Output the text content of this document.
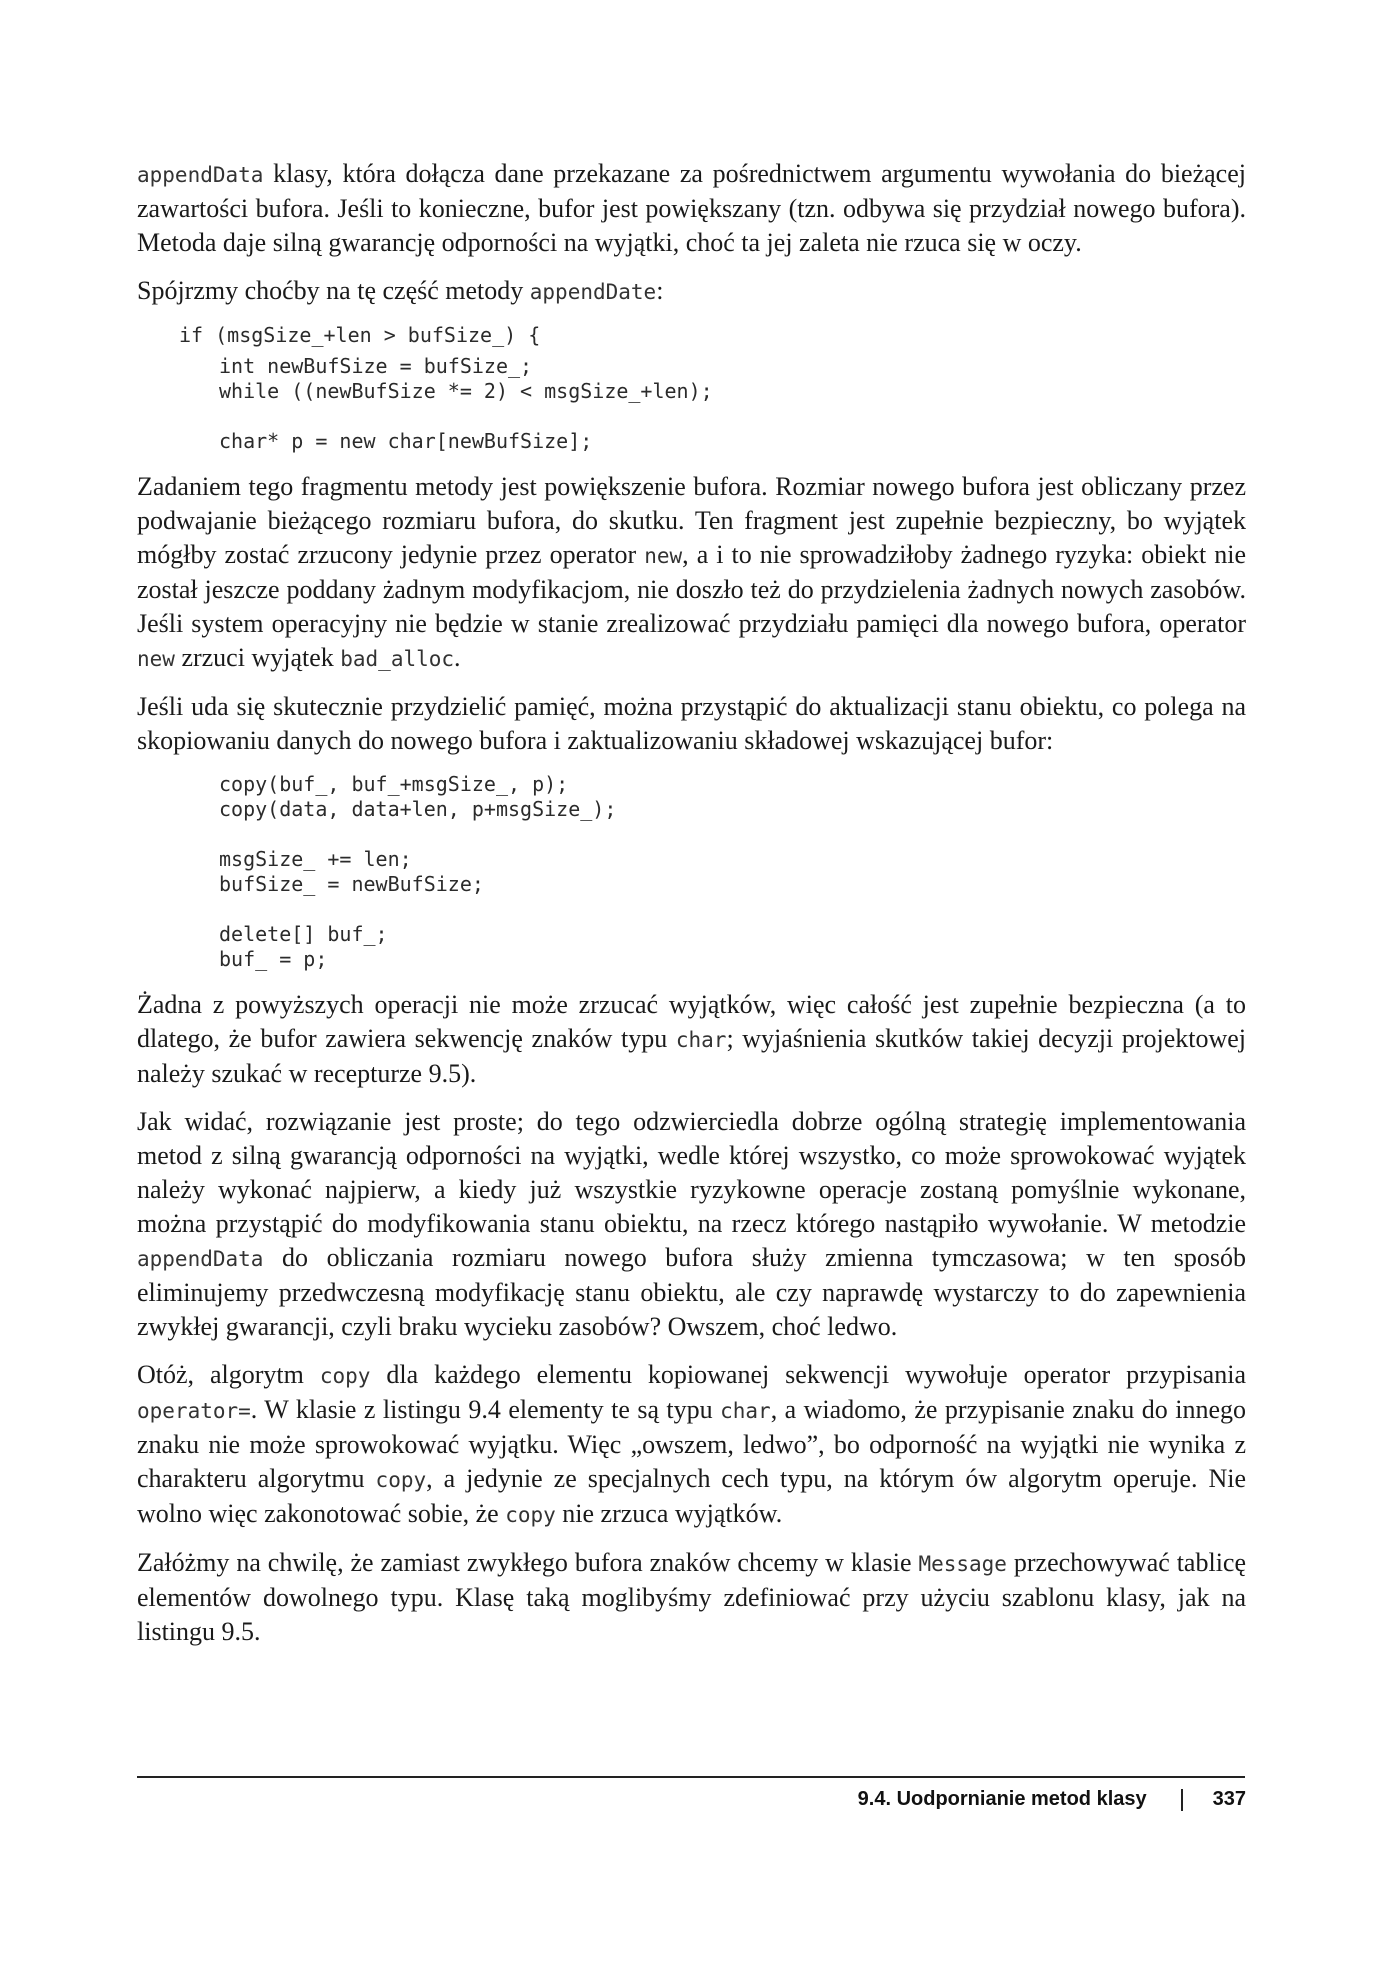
appendData klasy, która dołącza dane przekazane za pośrednictwem argumentu wywołania do bieżącej zawartości bufora. Jeśli to konieczne, bufor jest powiększany (tzn. odbywa się przydział nowego bufora). Metoda daje silną gwarancję odporności na wyjątki, choć ta jej zaleta nie rzuca się w oczy.

Spójrzmy choćby na tę część metody appendDate:

if (msgSize_+len > bufSize_) {
int newBufSize = bufSize_;
while ((newBufSize *= 2) < msgSize_+len);

char* p = new char[newBufSize];

Zadaniem tego fragmentu metody jest powiększenie bufora. Rozmiar nowego bufora jest obliczany przez podwajanie bieżącego rozmiaru bufora, do skutku. Ten fragment jest zupełnie bezpieczny, bo wyjątek mógłby zostać zrzucony jedynie przez operator new, a i to nie sprowadziłoby żadnego ryzyka: obiekt nie został jeszcze poddany żadnym modyfikacjom, nie doszło też do przydzielenia żadnych nowych zasobów. Jeśli system operacyjny nie będzie w stanie zrealizować przydziału pamięci dla nowego bufora, operator new zrzuci wyjątek bad_alloc.

Jeśli uda się skutecznie przydzielić pamięć, można przystąpić do aktualizacji stanu obiektu, co polega na skopiowaniu danych do nowego bufora i zaktualizowaniu składowej wskazującej bufor:

copy(buf_, buf_+msgSize_, p);
copy(data, data+len, p+msgSize_);

msgSize_ += len;
bufSize_ = newBufSize;

delete[] buf_;
buf_ = p;

Żadna z powyższych operacji nie może zrzucać wyjątków, więc całość jest zupełnie bezpieczna (a to dlatego, że bufor zawiera sekwencję znaków typu char; wyjaśnienia skutków takiej decyzji projektowej należy szukać w recepturze 9.5).

Jak widać, rozwiązanie jest proste; do tego odzwierciedla dobrze ogólną strategię implementowania metod z silną gwarancją odporności na wyjątki, wedle której wszystko, co może sprowokować wyjątek należy wykonać najpierw, a kiedy już wszystkie ryzykowne operacje zostaną pomyślnie wykonane, można przystąpić do modyfikowania stanu obiektu, na rzecz którego nastąpiło wywołanie. W metodzie appendData do obliczania rozmiaru nowego bufora służy zmienna tymczasowa; w ten sposób eliminujemy przedwczesną modyfikację stanu obiektu, ale czy naprawdę wystarczy to do zapewnienia zwykłej gwarancji, czyli braku wycieku zasobów? Owszem, choć ledwo.

Otóż, algorytm copy dla każdego elementu kopiowanej sekwencji wywołuje operator przypisania operator=. W klasie z listingu 9.4 elementy te są typu char, a wiadomo, że przypisanie znaku do innego znaku nie może sprowokować wyjątku. Więc „owszem, ledwo”, bo odporność na wyjątki nie wynika z charakteru algorytmu copy, a jedynie ze specjalnych cech typu, na którym ów algorytm operuje. Nie wolno więc zakonotować sobie, że copy nie zrzuca wyjątków.

Załóżmy na chwilę, że zamiast zwykłego bufora znaków chcemy w klasie Message przechowywać tablicę elementów dowolnego typu. Klasę taką moglibyśmy zdefiniować przy użyciu szablonu klasy, jak na listingu 9.5.

9.4. Uodpornianie metod klasy	337
